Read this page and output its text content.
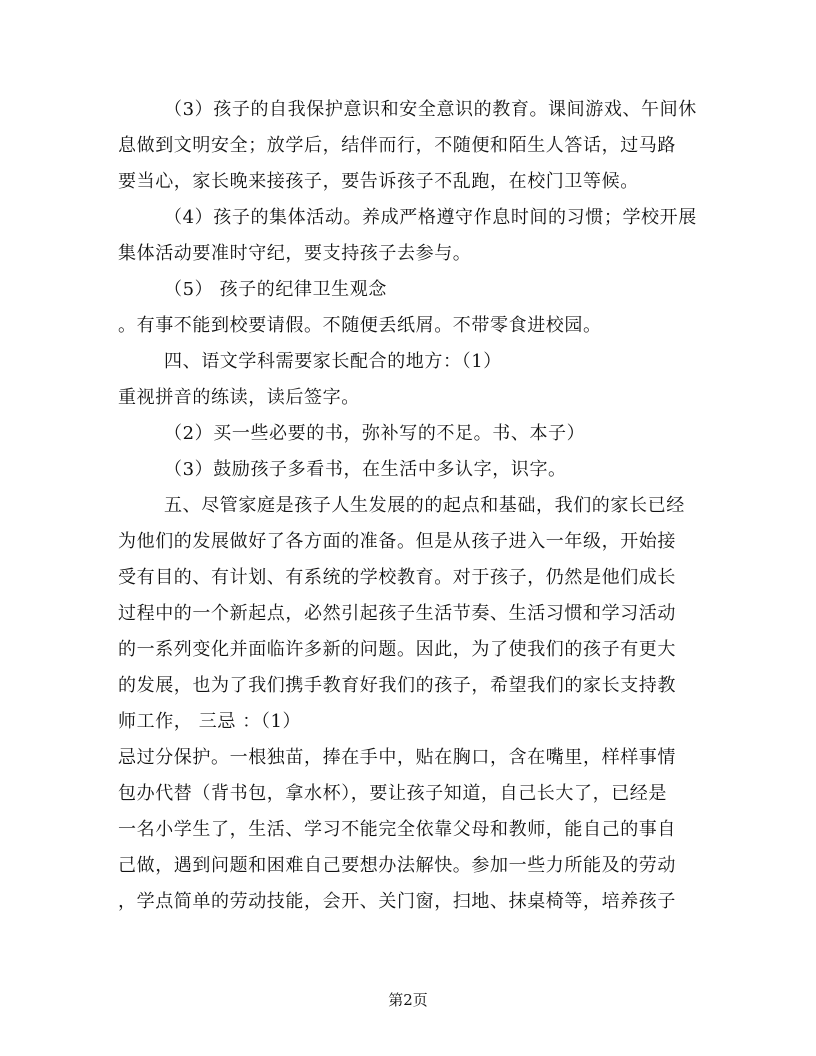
（3）孩子的自我保护意识和安全意识的教育。课间游戏、午间休
息做到文明安全；放学后，结伴而行，不随便和陌生人答话，过马路
要当心，家长晚来接孩子，要告诉孩子不乱跑，在校门卫等候。
（4）孩子的集体活动。养成严格遵守作息时间的习惯；学校开展
集体活动要准时守纪，要支持孩子去参与。
（5） 孩子的纪律卫生观念
。有事不能到校要请假。不随便丢纸屑。不带零食进校园。
四、语文学科需要家长配合的地方：（1）
重视拼音的练读，读后签字。
（2）买一些必要的书，弥补写的不足。书、本子）
（3）鼓励孩子多看书，在生活中多认字，识字。
五、尽管家庭是孩子人生发展的的起点和基础，我们的家长已经
为他们的发展做好了各方面的准备。但是从孩子进入一年级，开始接
受有目的、有计划、有系统的学校教育。对于孩子，仍然是他们成长
过程中的一个新起点，必然引起孩子生活节奏、生活习惯和学习活动
的一系列变化并面临许多新的问题。因此，为了使我们的孩子有更大
的发展，也为了我们携手教育好我们的孩子，希望我们的家长支持教
师工作， 三忌 ：（1）
忌过分保护。一根独苗，捧在手中，贴在胸口，含在嘴里，样样事情
包办代替（背书包，拿水杯），要让孩子知道，自己长大了，已经是
一名小学生了，生活、学习不能完全依靠父母和教师，能自己的事自
己做，遇到问题和困难自己要想办法解快。参加一些力所能及的劳动
，学点简单的劳动技能，会开、关门窗，扫地、抹桌椅等，培养孩子
第2页
